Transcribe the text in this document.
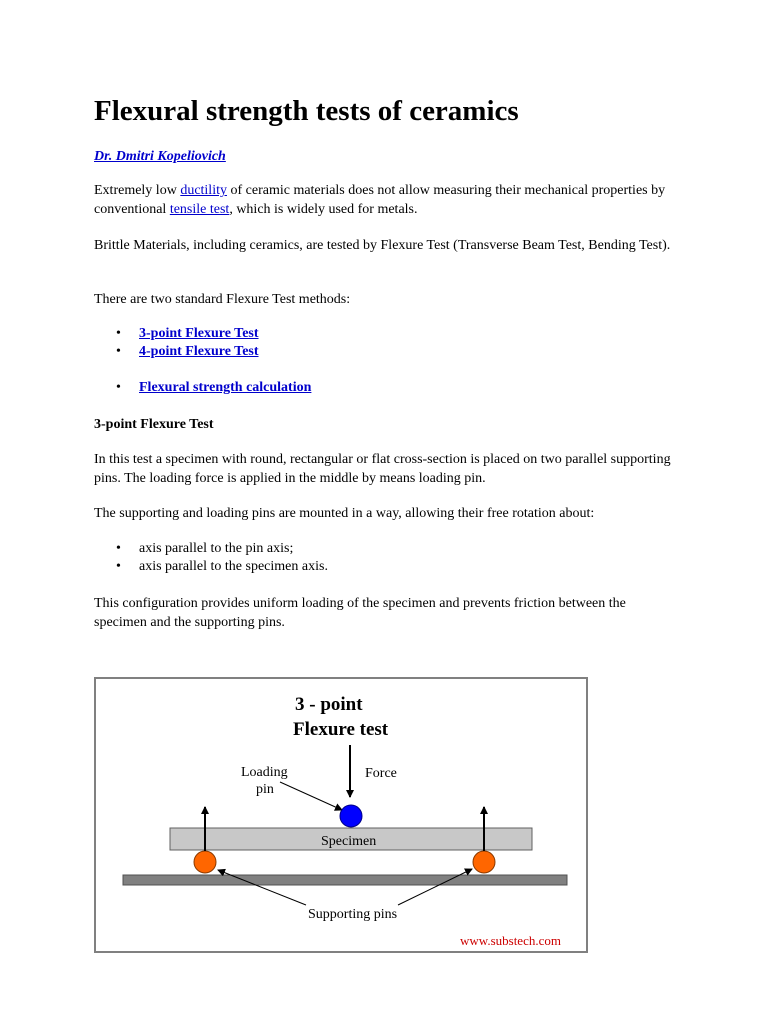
Flexural strength tests of ceramics
Dr. Dmitri Kopeliovich
Extremely low ductility of ceramic materials does not allow measuring their mechanical properties by conventional tensile test, which is widely used for metals.
Brittle Materials, including ceramics, are tested by Flexure Test (Transverse Beam Test, Bending Test).
There are two standard Flexure Test methods:
• 3-point Flexure Test
• 4-point Flexure Test
• Flexural strength calculation
3-point Flexure Test
In this test a specimen with round, rectangular or flat cross-section is placed on two parallel supporting pins. The loading force is applied in the middle by means loading pin.
The supporting and loading pins are mounted in a way, allowing their free rotation about:
• axis parallel to the pin axis;
• axis parallel to the specimen axis.
This configuration provides uniform loading of the specimen and prevents friction between the specimen and the supporting pins.
3 - point
Flexure test
Loading
pin
Force
Specimen
Supporting pins
www.substech.com
